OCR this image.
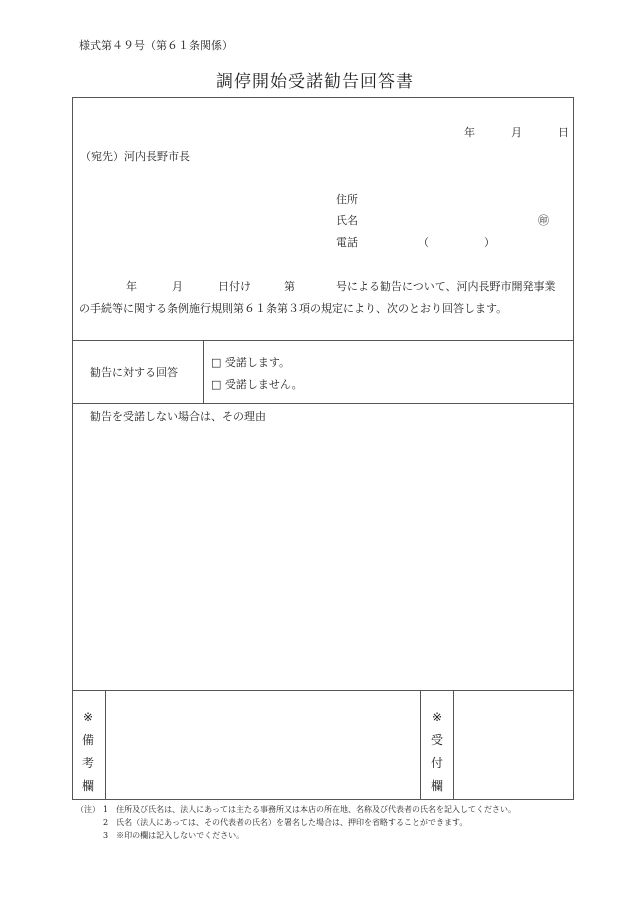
様式第４９号（第６１条関係）
調停開始受諾勧告回答書
年	月	日
（宛先）河内長野市長
住所
氏名	㊞
電話	（	）
年	月	日付け	第	号による勧告について、河内長野市開発事業
の手続等に関する条例施行規則第６１条第３項の規定により、次のとおり回答します。
勧告に対する回答
□ 受諾します。
□ 受諾しません。
勧告を受諾しない場合は、その理由
※
備
考
欄
※
受
付
欄
（注） 1　住所及び氏名は、法人にあっては主たる事務所又は本店の所在地、名称及び代表者の氏名を記入してください。
2　氏名（法人にあっては、その代表者の氏名）を署名した場合は、押印を省略することができます。
3　※印の欄は記入しないでください。
